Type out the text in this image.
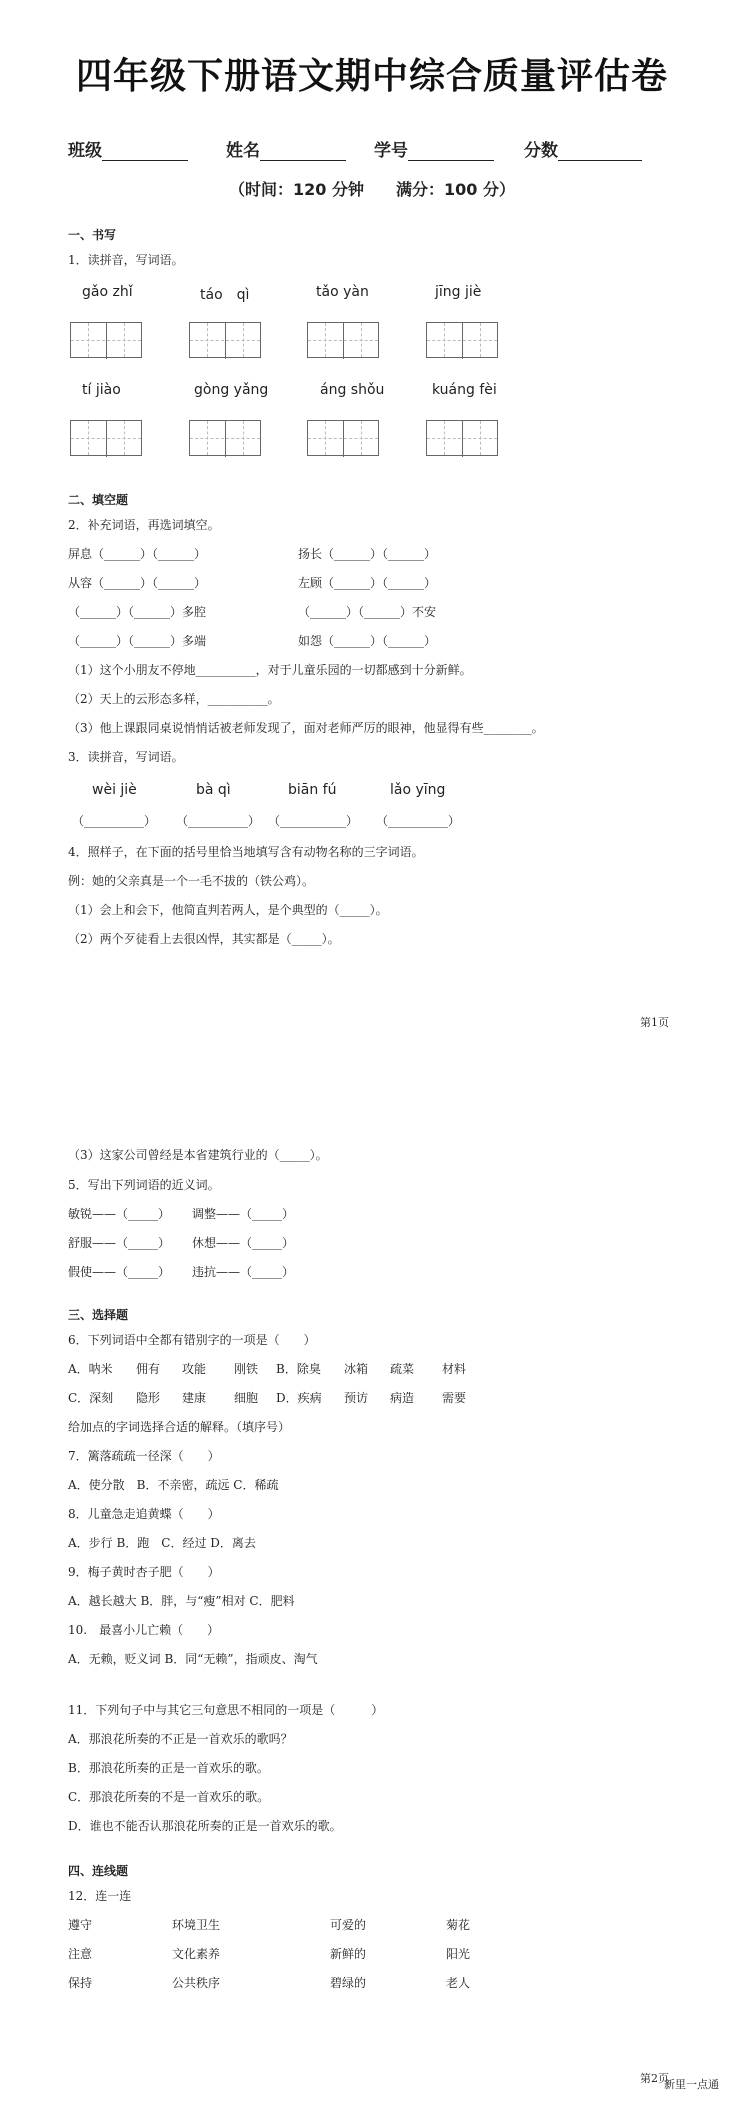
四年级下册语文期中综合质量评估卷
班级	姓名	学号	分数
（时间：120 分钟　　满分：100 分）
一、书写
1．读拼音，写词语。
gǎo zhǐ	táo　qì	tǎo yàn	jīng jiè
tí jiào	gòng yǎng	áng shǒu	kuáng fèi
二、填空题
2．补充词语，再选词填空。
屏息（______）（______）	扬长（______）（______）
从容（______）（______）	左顾（______）（______）
（______）（______）多腔	（______）（______）不安
（______）（______）多端	如怨（______）（______）
（1）这个小朋友不停地__________，对于儿童乐园的一切都感到十分新鲜。
（2）天上的云形态多样，__________。
（3）他上课跟同桌说悄悄话被老师发现了，面对老师严厉的眼神，他显得有些________。
3．读拼音，写词语。
wèi jiè	bà qì	biān fú	lǎo yīng
（__________） （__________） （___________） （__________）
4．照样子，在下面的括号里恰当地填写含有动物名称的三字词语。
例：她的父亲真是一个一毛不拔的（铁公鸡）。
（1）会上和会下，他简直判若两人，是个典型的（_____）。
（2）两个歹徒看上去很凶悍，其实都是（_____）。
第1页
（3）这家公司曾经是本省建筑行业的（_____）。
5．写出下列词语的近义词。
敏锐——（_____） 调整——（_____）
舒服——（_____） 休想——（_____）
假使——（_____） 违抗——（_____）
三、选择题
6．下列词语中全都有错别字的一项是（　　）
A．呐米 佣有 攻能 刚铁 B．除臭 冰箱 疏菜 材料
C．深刻 隐形 建康 细胞 D．疾病 预访 病造 需要
给加点的字词选择合适的解释。（填序号）
7．篱落疏疏一径深（　　）
A．使分散　B．不亲密，疏远 C．稀疏
8．儿童急走追黄蝶（　　）
A．步行 B．跑　C．经过 D．离去
9．梅子黄时杏子肥（　　）
A．越长越大 B．胖，与“瘦”相对 C．肥料
10.　最喜小儿亡赖（　　）
A．无赖，贬义词 B．同“无赖”，指顽皮、淘气
11．下列句子中与其它三句意思不相同的一项是（　　　）
A．那浪花所奏的不正是一首欢乐的歌吗？
B．那浪花所奏的正是一首欢乐的歌。
C．那浪花所奏的不是一首欢乐的歌。
D．谁也不能否认那浪花所奏的正是一首欢乐的歌。
四、连线题
12．连一连
遵守	环境卫生	可爱的	菊花
注意	文化素养	新鲜的	阳光
保持	公共秩序	碧绿的	老人
第2页
新里一点通
